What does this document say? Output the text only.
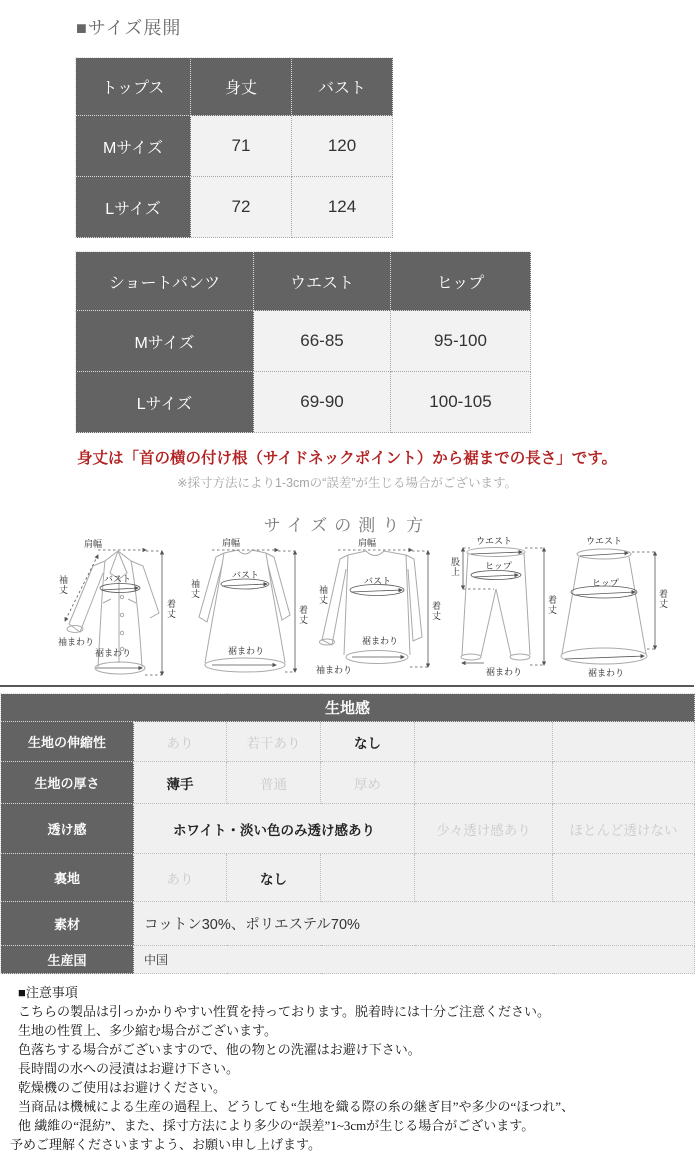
■サイズ展開
トップス	身丈	バスト
Mサイズ	71	120
Lサイズ	72	124
ショートパンツ	ウエスト	ヒップ
Mサイズ	66-85	95-100
Lサイズ	69-90	100-105

身丈は「首の横の付け根（サイドネックポイント）から裾までの長さ」です。

※採寸方法により1-3cmの“誤差”が生じる場合がございます。

サイズの測り方
肩幅
袖丈	バスト
袖まわり
裾まわり
着丈
肩幅
袖丈
バスト
裾まわり
着丈
肩幅
袖丈
バスト
袖まわり
裾まわり
着丈
ウエスト
ヒップ
股上
裾まわり
着丈
ウエスト
ヒップ
裾まわり
着丈
生地感					
生地の伸縮性	あり	若干あり	なし		
生地の厚さ	薄手	普通	厚め		
透け感	ホワイト・淡い色のみ透け感あり			少々透け感あり	ほとんど透けない
裏地	あり	なし			
素材	コットン30%、ポリエステル70%				
生産国	中国				

■注意事項

こちらの製品は引っかかりやすい性質を持っております。脱着時には十分ご注意ください。

生地の性質上、多少縮む場合がございます。

色落ちする場合がございますので、他の物との洗濯はお避け下さい。

長時間の水への浸漬はお避け下さい。

乾燥機のご使用はお避けください。

当商品は機械による生産の過程上、どうしても“生地を織る際の糸の継ぎ目”や多少の“ほつれ”、

他 繊維の“混紡”、また、採寸方法により多少の“誤差”1~3cmが生じる場合がございます。

予めご理解くださいますよう、お願い申し上げます。
